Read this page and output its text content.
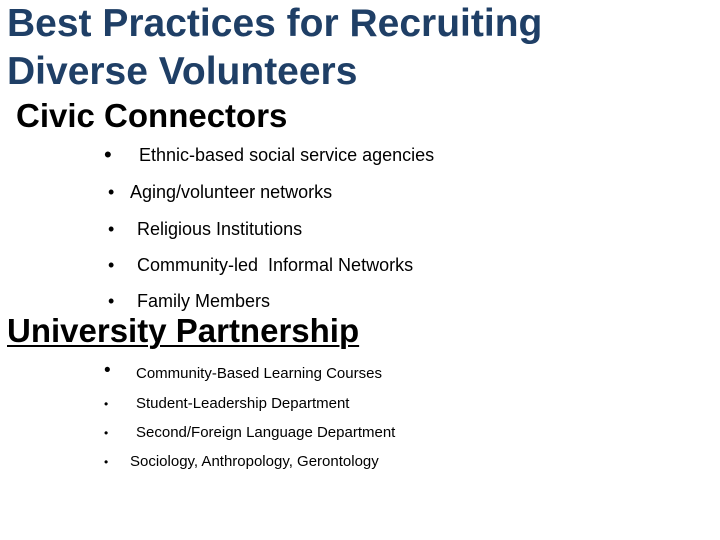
Best Practices for Recruiting
Diverse Volunteers
Civic Connectors
• Ethnic-based social service agencies
• Aging/volunteer networks
• Religious Institutions
• Community-led  Informal Networks
• Family Members
University Partnership
• Community-Based Learning Courses
• Student-Leadership Department
• Second/Foreign Language Department
• Sociology, Anthropology, Gerontology
